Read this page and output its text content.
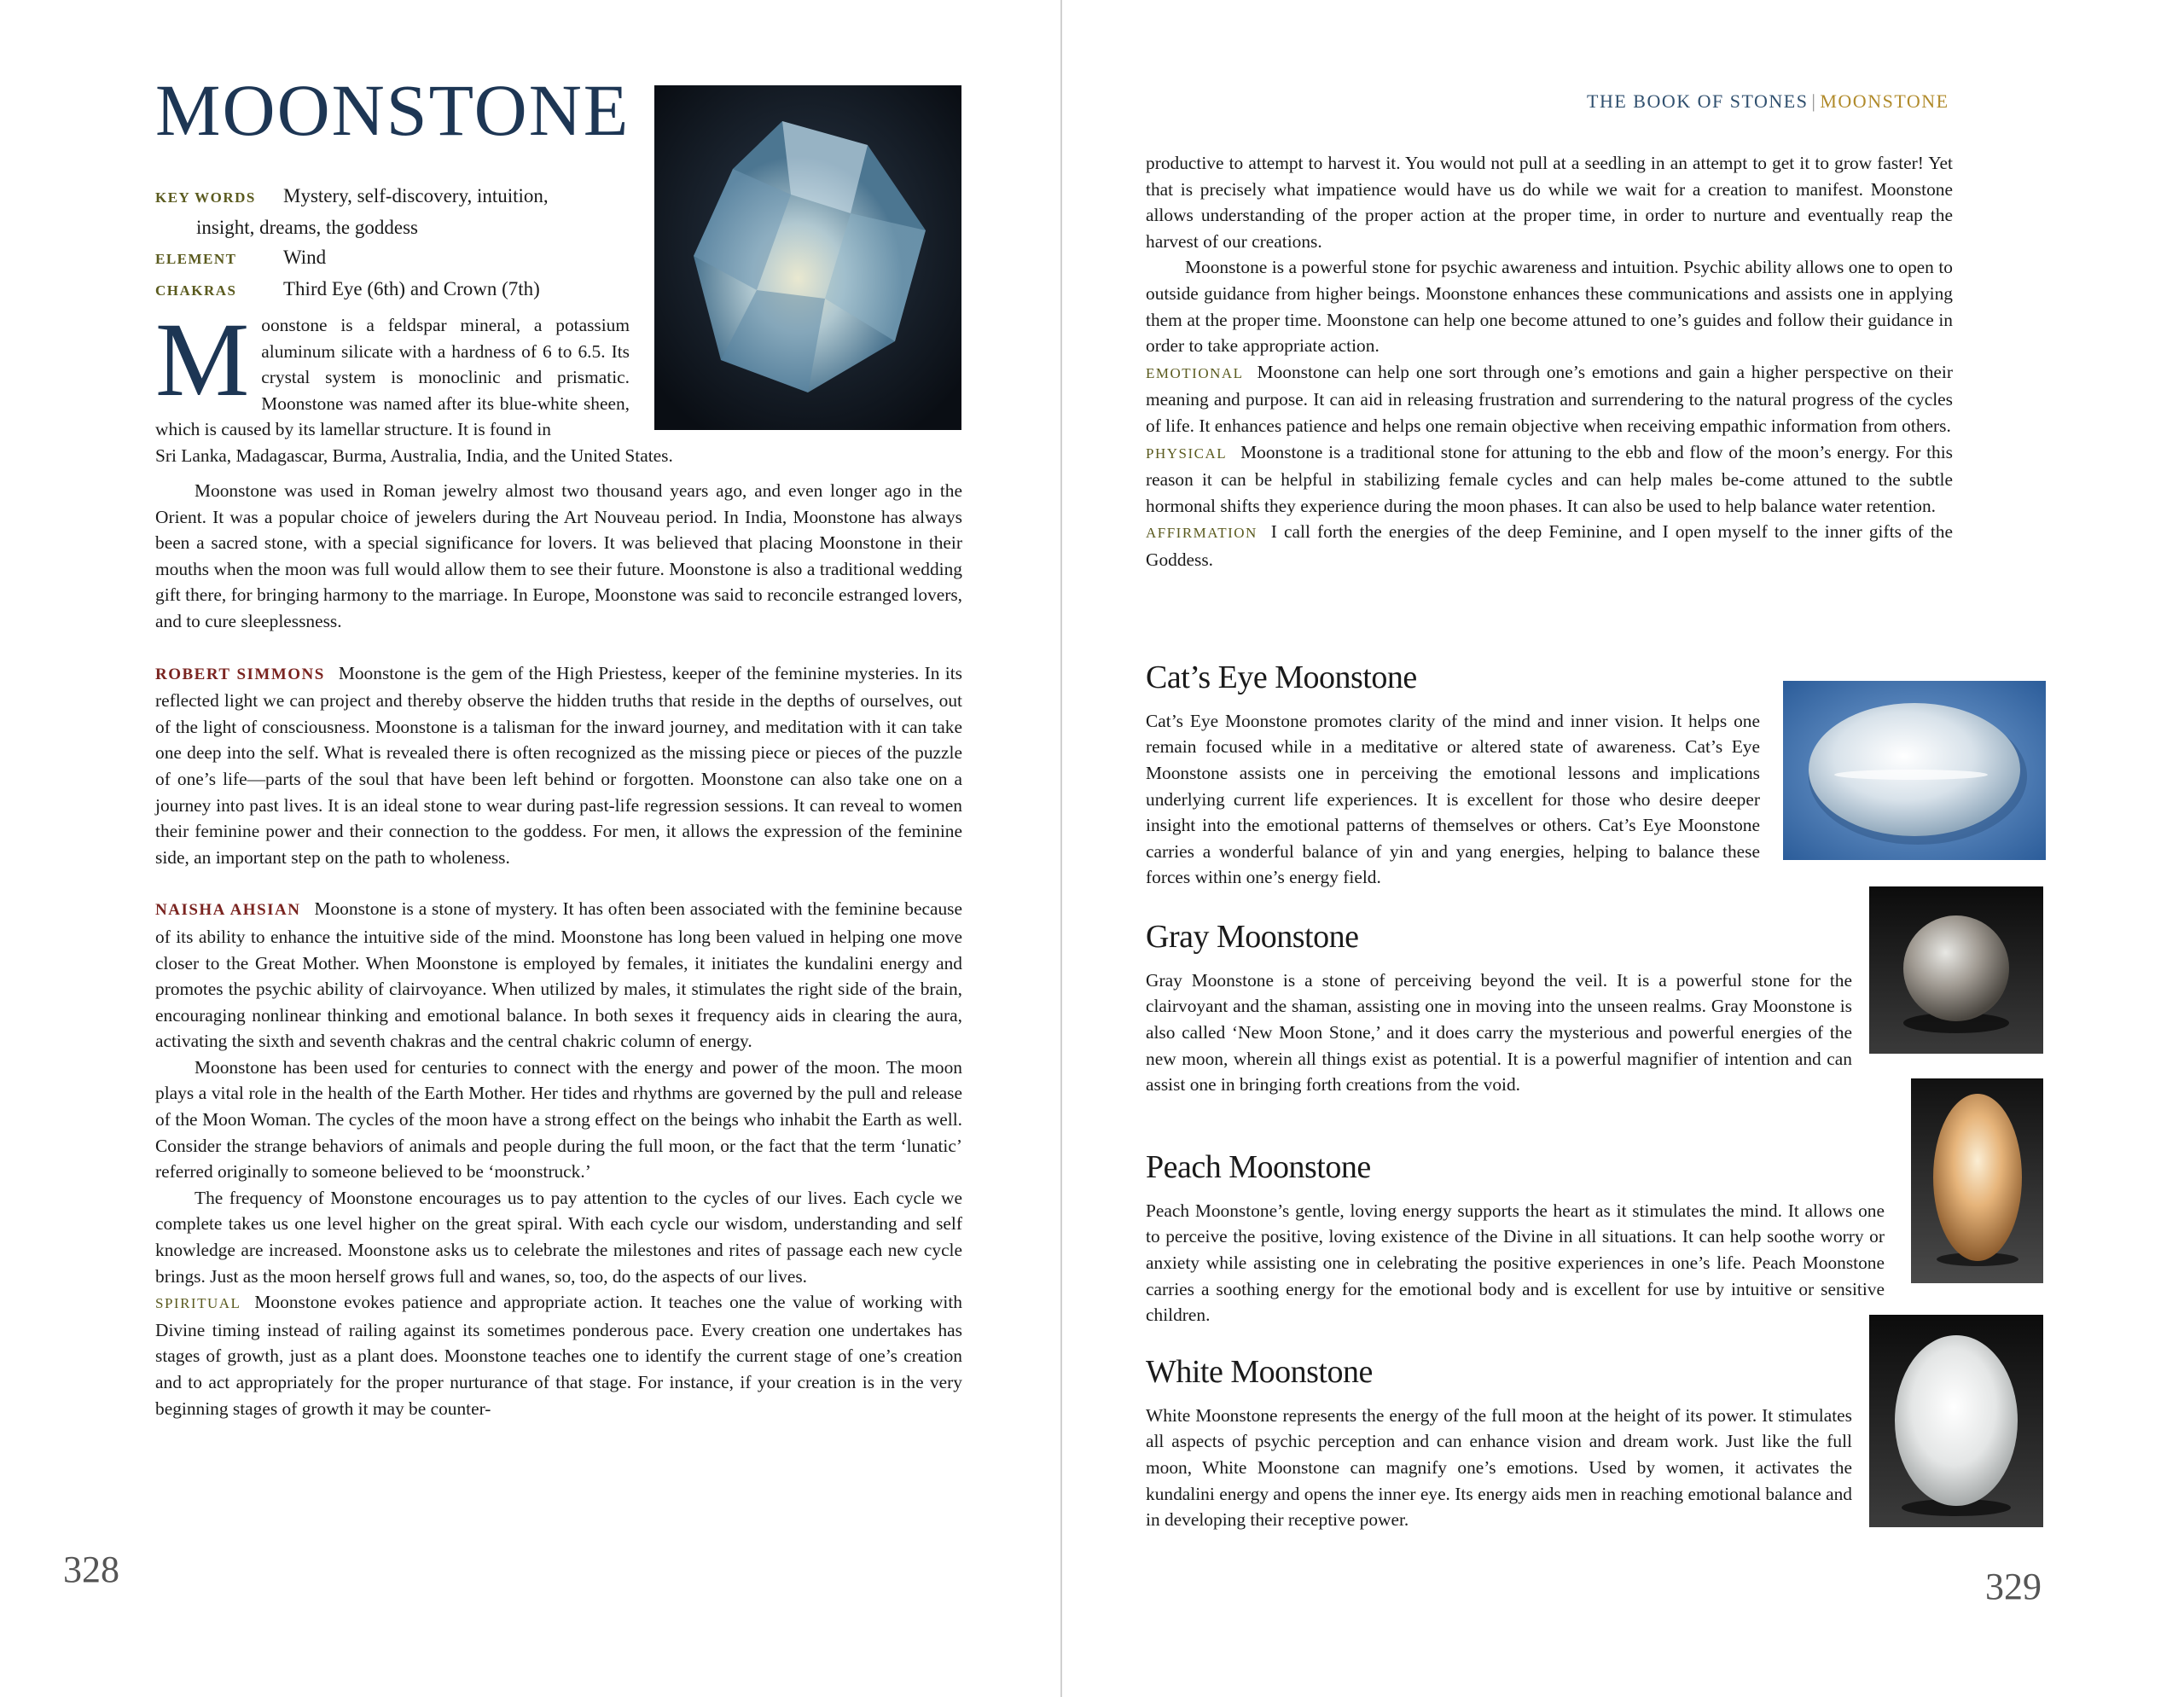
MOONSTONE
KEY WORDS Mystery, self-discovery, intuition,
insight, dreams, the goddess
ELEMENT Wind
CHAKRAS Third Eye (6th) and Crown (7th)
M oonstone is a feldspar mineral, a potassium aluminum silicate with a hardness of 6 to 6.5. Its crystal system is monoclinic and prismatic. Moonstone was named after its blue-white sheen, which is caused by its lamellar structure. It is found in

Sri Lanka, Madagascar, Burma, Australia, India, and the United States.

Moonstone was used in Roman jewelry almost two thousand years ago, and even longer ago in the Orient. It was a popular choice of jewelers during the Art Nouveau period. In India, Moonstone has always been a sacred stone, with a special significance for lovers. It was believed that placing Moonstone in their mouths when the moon was full would allow them to see their future. Moonstone is also a traditional wedding gift there, for bringing harmony to the marriage. In Europe, Moonstone was said to reconcile estranged lovers, and to cure sleeplessness.

ROBERT SIMMONS Moonstone is the gem of the High Priestess, keeper of the feminine mysteries. In its reflected light we can project and thereby observe the hidden truths that reside in the depths of ourselves, out of the light of consciousness. Moonstone is a talisman for the inward journey, and meditation with it can take one deep into the self. What is revealed there is often recognized as the missing piece or pieces of the puzzle of one’s life—parts of the soul that have been left behind or forgotten. Moonstone can also take one on a journey into past lives. It is an ideal stone to wear during past-life regression sessions. It can reveal to women their feminine power and their connection to the goddess. For men, it allows the expression of the feminine side, an important step on the path to wholeness.

NAISHA AHSIAN Moonstone is a stone of mystery. It has often been associated with the feminine because of its ability to enhance the intuitive side of the mind. Moonstone has long been valued in helping one move closer to the Great Mother. When Moonstone is employed by females, it initiates the kundalini energy and promotes the psychic ability of clairvoyance. When utilized by males, it stimulates the right side of the brain, encouraging nonlinear thinking and emotional balance. In both sexes it frequency aids in clearing the aura, activating the sixth and seventh chakras and the central chakric column of energy.

Moonstone has been used for centuries to connect with the energy and power of the moon. The moon plays a vital role in the health of the Earth Mother. Her tides and rhythms are governed by the pull and release of the Moon Woman. The cycles of the moon have a strong effect on the beings who inhabit the Earth as well. Consider the strange behaviors of animals and people during the full moon, or the fact that the term ‘lunatic’ referred originally to someone believed to be ‘moonstruck.’

The frequency of Moonstone encourages us to pay attention to the cycles of our lives. Each cycle we complete takes us one level higher on the great spiral. With each cycle our wisdom, understanding and self knowledge are increased. Moonstone asks us to celebrate the milestones and rites of passage each new cycle brings. Just as the moon herself grows full and wanes, so, too, do the aspects of our lives.

SPIRITUAL Moonstone evokes patience and appropriate action. It teaches one the value of working with Divine timing instead of railing against its sometimes ponderous pace. Every creation one undertakes has stages of growth, just as a plant does. Moonstone teaches one to identify the current stage of one’s creation and to act appropriately for the proper nurturance of that stage. For instance, if your creation is in the very beginning stages of growth it may be counter-

328
THE BOOK OF STONES | MOONSTONE

productive to attempt to harvest it. You would not pull at a seedling in an attempt to get it to grow faster! Yet that is precisely what impatience would have us do while we wait for a creation to manifest. Moonstone allows understanding of the proper action at the proper time, in order to nurture and eventually reap the harvest of our creations.

Moonstone is a powerful stone for psychic awareness and intuition. Psychic ability allows one to open to outside guidance from higher beings. Moonstone enhances these communications and assists one in applying them at the proper time. Moonstone can help one become attuned to one’s guides and follow their guidance in order to take appropriate action.

EMOTIONAL Moonstone can help one sort through one’s emotions and gain a higher perspective on their meaning and purpose. It can aid in releasing frustration and surrendering to the natural progress of the cycles of life. It enhances patience and helps one remain objective when receiving empathic information from others.

PHYSICAL Moonstone is a traditional stone for attuning to the ebb and flow of the moon’s energy. For this reason it can be helpful in stabilizing female cycles and can help males be-come attuned to the subtle hormonal shifts they experience during the moon phases. It can also be used to help balance water retention.

AFFIRMATION I call forth the energies of the deep Feminine, and I open myself to the inner gifts of the Goddess.

Cat’s Eye Moonstone

Cat’s Eye Moonstone promotes clarity of the mind and inner vision. It helps one remain focused while in a meditative or altered state of awareness. Cat’s Eye Moonstone assists one in perceiving the emotional lessons and implications underlying current life experiences. It is excellent for those who desire deeper insight into the emotional patterns of themselves or others. Cat’s Eye Moonstone carries a wonderful balance of yin and yang energies, helping to balance these forces within one’s energy field.

Gray Moonstone

Gray Moonstone is a stone of perceiving beyond the veil. It is a powerful stone for the clairvoyant and the shaman, assisting one in moving into the unseen realms. Gray Moonstone is also called ‘New Moon Stone,’ and it does carry the mysterious and powerful energies of the new moon, wherein all things exist as potential. It is a powerful magnifier of intention and can assist one in bringing forth creations from the void.

Peach Moonstone

Peach Moonstone’s gentle, loving energy supports the heart as it stimulates the mind. It allows one to perceive the positive, loving existence of the Divine in all situations. It can help soothe worry or anxiety while assisting one in celebrating the positive experiences in one’s life. Peach Moonstone carries a soothing energy for the emotional body and is excellent for use by intuitive or sensitive children.

White Moonstone

White Moonstone represents the energy of the full moon at the height of its power. It stimulates all aspects of psychic perception and can enhance vision and dream work. Just like the full moon, White Moonstone can magnify one’s emotions. Used by women, it activates the kundalini energy and opens the inner eye. Its energy aids men in reaching emotional balance and in developing their receptive power.

329
